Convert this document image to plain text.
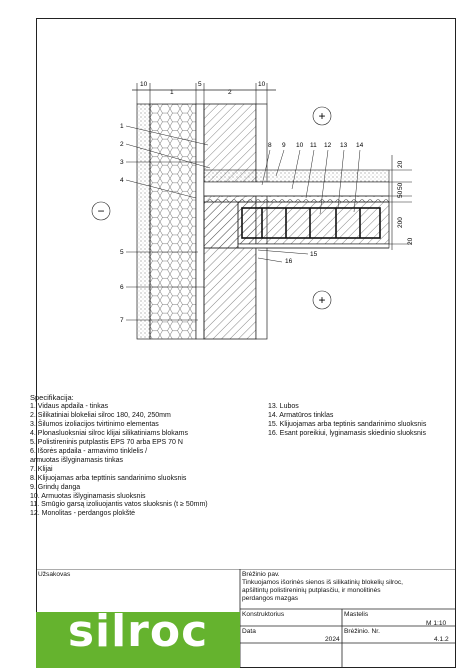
10
1
5
2
10
1
2
3
4
5
6
7
8 9 10 11 12 13 14
20
50
50
200
20
15
16
+
+
−
Specifikacija:
1. Vidaus apdaila - tinkas
2. Silikatiniai blokeliai silroc 180, 240, 250mm
3. Šilumos izoliacijos tvirtinimo elementas
4. Plonasluoksniai silroc klijai silikatiniams blokams
5. Polistireninis putplastis EPS 70 arba EPS 70 N
6. Išorės apdaila - armavimo tinklelis /
armuotas išlyginamasis tinkas
7. Klijai
8. Klijuojamas arba tepttinis sandarinimo sluoksnis
9. Grindų danga
10. Armuotas išlyginamasis sluoksnis
11. Smūgio garsą izoliuojantis vatos sluoksnis (t ≥ 50mm)
12. Monolitas - perdangos plokštė
13. Lubos
14. Armatūros tinklas
15. Klijuojamas arba teptinis sandarinimo sluoksnis
16. Esant poreikiui, lyginamasis skiedinio sluoksnis
Užsakovas	Brėžinio pav.
Tinkuojamos išorinės sienos iš silikatinių blokelių silroc,
apšiltintų polistireninių putplasčiu, ir monolitinės
perdangos mazgas
Konstruktorius	Mastelis
M 1:10
Data
2024
Brėžinio. Nr.
4.1.2
silroc
